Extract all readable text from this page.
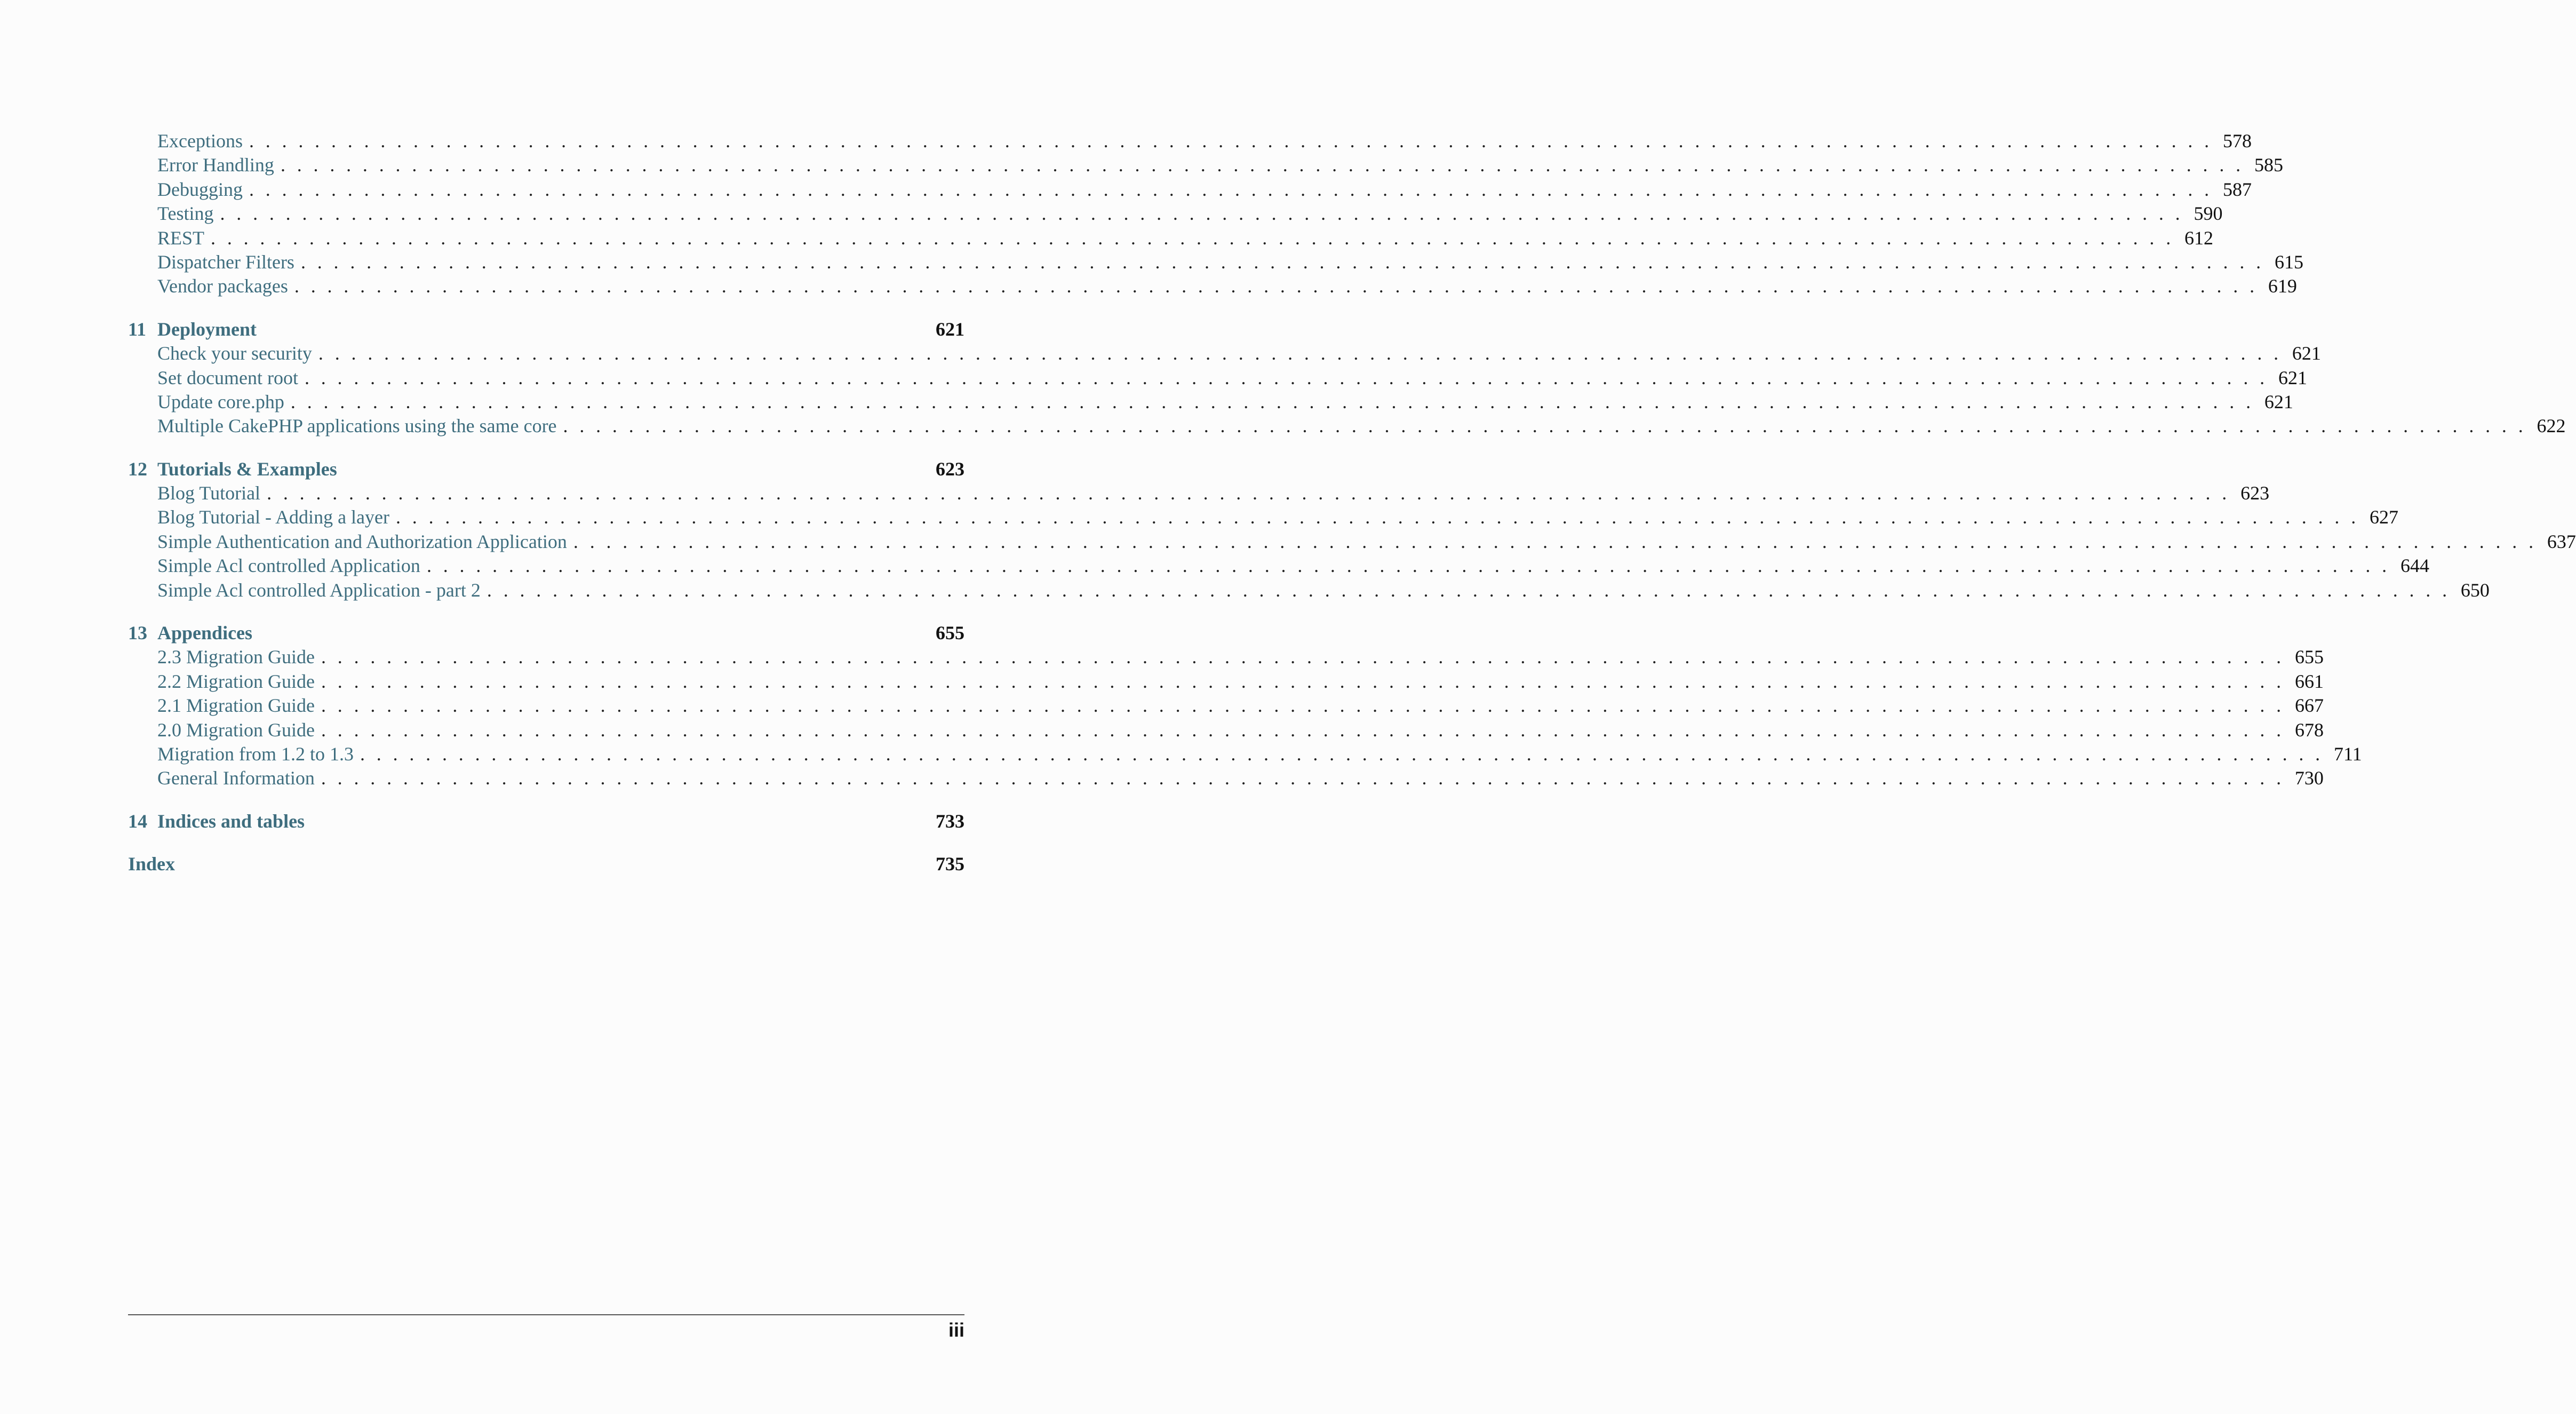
Exceptions ........................................................................................................................ 578
Error Handling ........................................................................................................................ 585
Debugging ........................................................................................................................ 587
Testing ........................................................................................................................ 590
REST ........................................................................................................................ 612
Dispatcher Filters ........................................................................................................................ 615
Vendor packages ........................................................................................................................ 619
11 Deployment	621
Check your security ........................................................................................................................ 621
Set document root ........................................................................................................................ 621
Update core.php ........................................................................................................................ 621
Multiple CakePHP applications using the same core ........................................................................................................................ 622
12 Tutorials & Examples	623
Blog Tutorial ........................................................................................................................ 623
Blog Tutorial - Adding a layer ........................................................................................................................ 627
Simple Authentication and Authorization Application ........................................................................................................................ 637
Simple Acl controlled Application ........................................................................................................................ 644
Simple Acl controlled Application - part 2 ........................................................................................................................ 650
13 Appendices	655
2.3 Migration Guide ........................................................................................................................ 655
2.2 Migration Guide ........................................................................................................................ 661
2.1 Migration Guide ........................................................................................................................ 667
2.0 Migration Guide ........................................................................................................................ 678
Migration from 1.2 to 1.3 ........................................................................................................................ 711
General Information ........................................................................................................................ 730
14 Indices and tables	733
Index	735
iii
